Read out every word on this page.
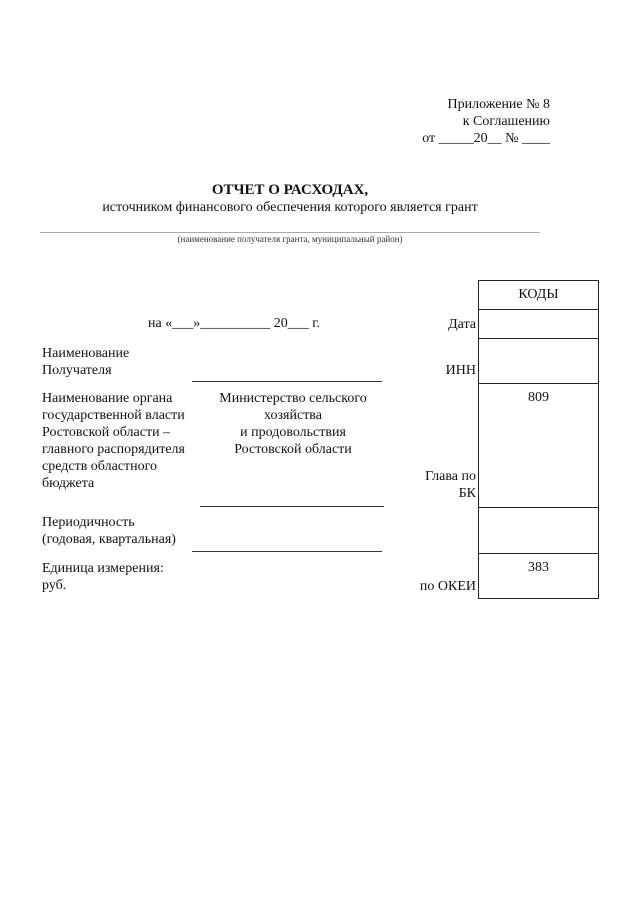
Приложение № 8
к Соглашению
от _____20__ № ____
ОТЧЕТ О РАСХОДАХ,
источником финансового обеспечения которого является грант
(наименование получателя гранта, муниципальный район)
на «___»__________ 20___ г.
Наименование
Получателя
Наименование органа
государственной власти
Ростовской области –
главного распорядителя
средств областного
бюджета
Министерство сельского
хозяйства
и продовольствия
Ростовской области
Периодичность
(годовая, квартальная)
Единица измерения:
руб.
Дата
ИНН
Глава по
БК
по ОКЕИ
КОДЫ
809
383
